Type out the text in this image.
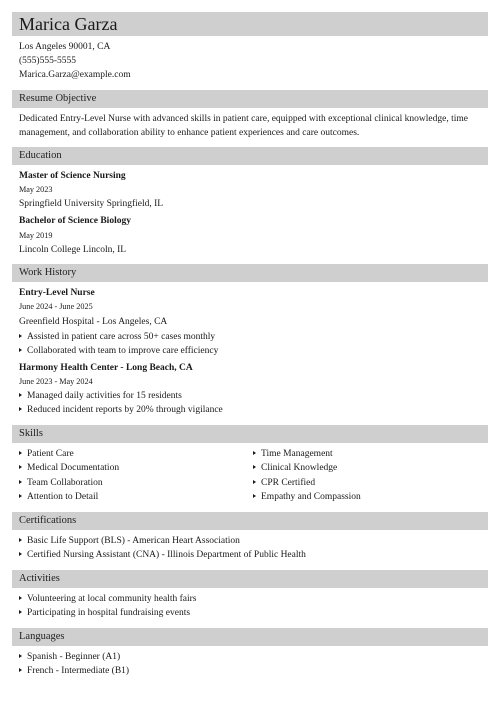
Marica Garza
Los Angeles 90001, CA
(555)555-5555
Marica.Garza@example.com
Resume Objective
Dedicated Entry-Level Nurse with advanced skills in patient care, equipped with exceptional clinical knowledge, time
management, and collaboration ability to enhance patient experiences and care outcomes.
Education
Master of Science Nursing
May 2023
Springfield University Springfield, IL
Bachelor of Science Biology
May 2019
Lincoln College Lincoln, IL
Work History
Entry-Level Nurse
June 2024 - June 2025
Greenfield Hospital - Los Angeles, CA
Assisted in patient care across 50+ cases monthly
Collaborated with team to improve care efficiency
Harmony Health Center - Long Beach, CA
June 2023 - May 2024
Managed daily activities for 15 residents
Reduced incident reports by 20% through vigilance
Skills
Patient Care
Medical Documentation
Team Collaboration
Attention to Detail
Time Management
Clinical Knowledge
CPR Certified
Empathy and Compassion
Certifications
Basic Life Support (BLS) - American Heart Association
Certified Nursing Assistant (CNA) - Illinois Department of Public Health
Activities
Volunteering at local community health fairs
Participating in hospital fundraising events
Languages
Spanish - Beginner (A1)
French - Intermediate (B1)
